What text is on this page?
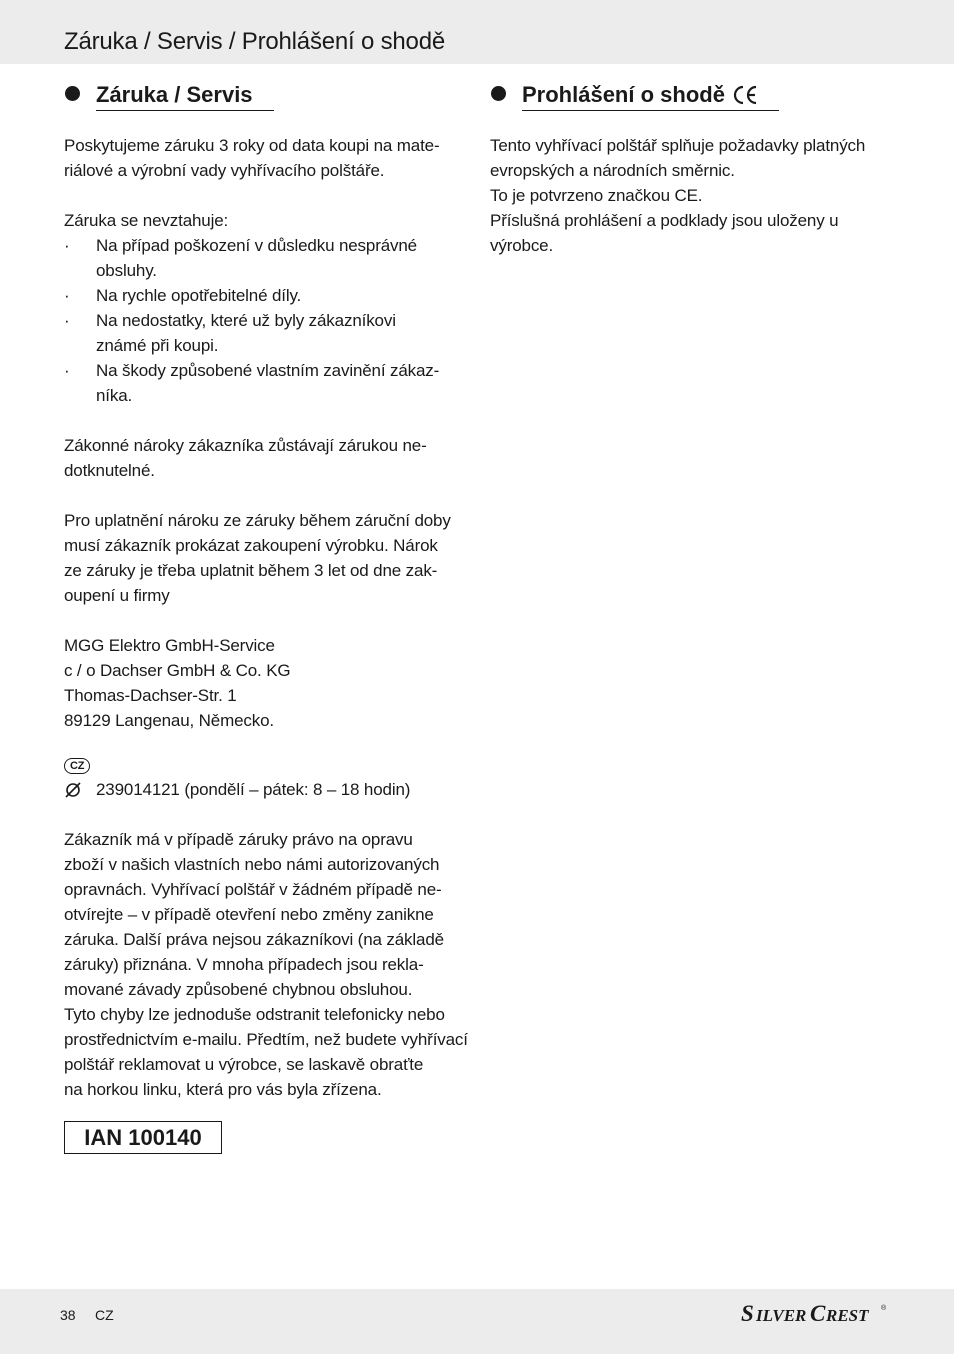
Záruka / Servis / Prohlášení o shodě
Záruka / Servis	Prohlášení o shodě

Poskytujeme záruku 3 roky od data koupi na mate-

riálové a výrobní vady vyhřívacího polštáře.

Záruka se nevztahuje:

· Na případ poškození v důsledku nesprávné

obsluhy.

· Na rychle opotřebitelné díly.

· Na nedostatky, které už byly zákazníkovi

známé při koupi.

· Na škody způsobené vlastním zavinění zákaz-

níka.

Zákonné nároky zákazníka zůstávají zárukou ne-

dotknutelné.

Pro uplatnění nároku ze záruky během záruční doby

musí zákazník prokázat zakoupení výrobku. Nárok

ze záruky je třeba uplatnit během 3 let od dne zak-

oupení u firmy

MGG Elektro GmbH-Service

c / o Dachser GmbH & Co. KG

Thomas-Dachser-Str. 1

89129 Langenau, Německo.

CZ

239014121 (pondělí – pátek: 8 – 18 hodin)

Zákazník má v případě záruky právo na opravu

zboží v našich vlastních nebo námi autorizovaných

opravnách. Vyhřívací polštář v žádném případě ne-

otvírejte – v případě otevření nebo změny zanikne

záruka. Další práva nejsou zákazníkovi (na základě

záruky) přiznána. V mnoha případech jsou rekla-

mované závady způsobené chybnou obsluhou.

Tyto chyby lze jednoduše odstranit telefonicky nebo

prostřednictvím e-mailu. Předtím, než budete vyhřívací

polštář reklamovat u výrobce, se laskavě obraťte

na horkou linku, která pro vás byla zřízena.

IAN 100140

Tento vyhřívací polštář splňuje požadavky platných

evropských a národních směrnic.

To je potvrzeno značkou CE.

Příslušná prohlášení a podklady jsou uloženy u

výrobce.

38 CZ	S ILVER C REST ®
